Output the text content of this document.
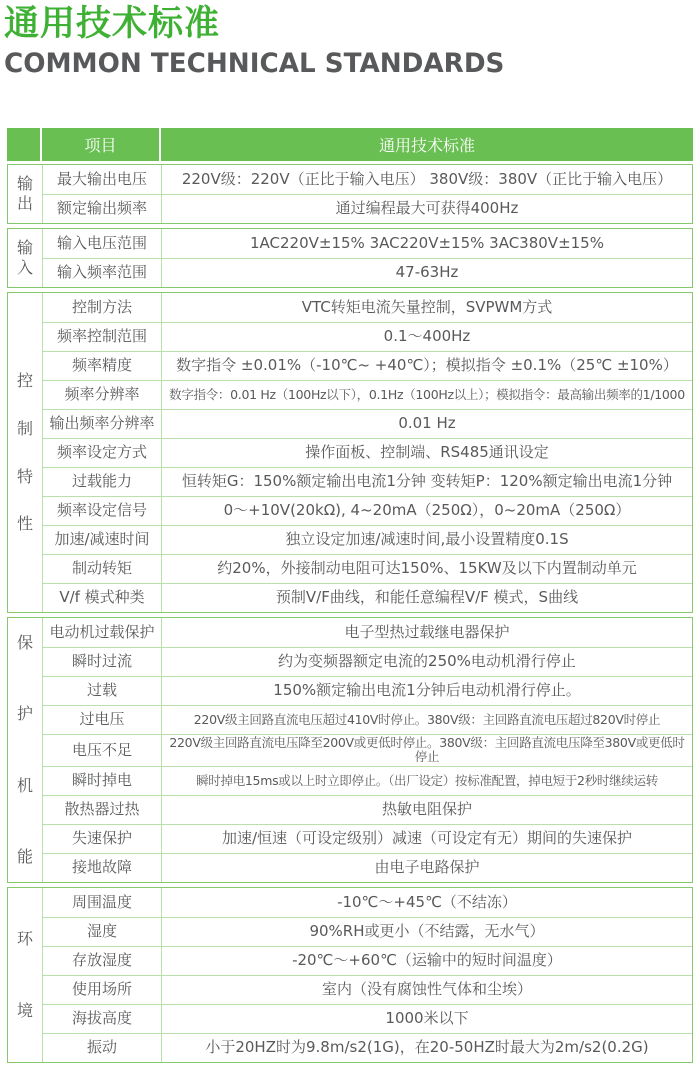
通用技术标准
COMMON TECHNICAL STANDARDS
项目	通用技术标准
输
出
最大输出电压	220V级：220V（正比于输入电压） 380V级：380V（正比于输入电压）
额定输出频率	通过编程最大可获得400Hz
输
入
输入电压范围	1AC220V±15% 3AC220V±15% 3AC380V±15%
输入频率范围	47-63Hz
控
制
特
性
控制方法	VTC转矩电流矢量控制，SVPWM方式
频率控制范围	0.1～400Hz
频率精度	数字指令 ±0.01%（-10℃~ +40℃）；模拟指令 ±0.1%（25℃ ±10%）
频率分辨率	数字指令：0.01 Hz（100Hz以下），0.1Hz（100Hz以上）；模拟指令：最高输出频率的1/1000
输出频率分辨率	0.01 Hz
频率设定方式	操作面板、控制端、RS485通讯设定
过载能力	恒转矩G：150%额定输出电流1分钟 变转矩P：120%额定输出电流1分钟
频率设定信号	0～+10V(20kΩ), 4~20mA（250Ω），0~20mA（250Ω）
加速/减速时间	独立设定加速/减速时间,最小设置精度0.1S
制动转矩	约20%，外接制动电阻可达150%、15KW及以下内置制动单元
V/f 模式种类	预制V/F曲线，和能任意编程V/F 模式，S曲线
保
护
机
能
电动机过载保护	电子型热过载继电器保护
瞬时过流	约为变频器额定电流的250%电动机滑行停止
过载	150%额定输出电流1分钟后电动机滑行停止。
过电压	220V级主回路直流电压超过410V时停止。380V级：主回路直流电压超过820V时停止
电压不足	220V级主回路直流电压降至200V或更低时停止。380V级：主回路直流电压降至380V或更低时停止
瞬时掉电	瞬时掉电15ms或以上时立即停止。（出厂设定）按标准配置，掉电短于2秒时继续运转
散热器过热	热敏电阻保护
失速保护	加速/恒速（可设定级别）减速（可设定有无）期间的失速保护
接地故障	由电子电路保护
环
境
周围温度	-10℃～+45℃（不结冻）
湿度	90%RH或更小（不结露，无水气）
存放湿度	-20℃～+60℃（运输中的短时间温度）
使用场所	室内（没有腐蚀性气体和尘埃）
海拔高度	1000米以下
振动	小于20HZ时为9.8m/s2(1G)，在20-50HZ时最大为2m/s2(0.2G)
